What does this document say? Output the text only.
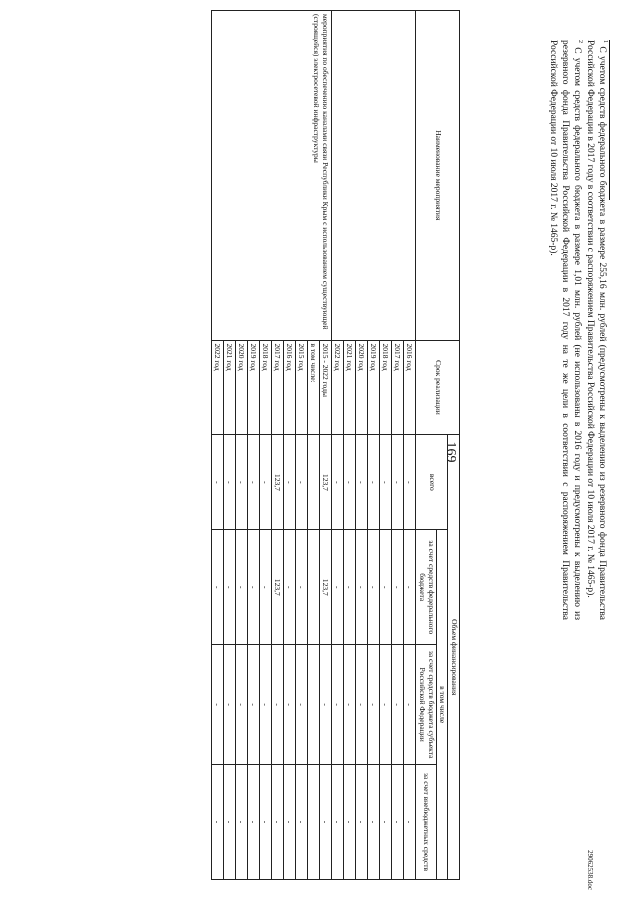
169
29062538.doc
Наименование мероприятия	Срок реализации	Объем финансирования			
		всего	в том числе		
			за счет средств федерального бюджета	за счет средств бюджета субъекта Российской Федерации	за счет внебюджетных средств
	2016 год	-	-	-	-
	2017 год	-	-	-	-
	2018 год	-	-	-	-
	2019 год	-	-	-	-
	2020 год	-	-	-	-
	2021 год	-	-	-	-
	2022 год	-	-	-	-
мероприятия по обеспечению каналами связи Республики Крым с использованием существующей (строящейся) электросетевой инфраструктуры	2015 - 2022 годы	123,7	123,7	-	-
	в том числе:				
	2015 год	-	-	-	-
	2016 год	-	-	-	-
	2017 год	123,7	123,7	-	-
	2018 год	-	-	-	-
	2019 год	-	-	-	-
	2020 год	-	-	-	-
	2021 год	-	-	-	-
	2022 год	-	-	-	-
$^1$ С учетом средств федерального бюджета в размере 255,16 млн. рублей (предусмотрены к выделению из резервного фонда Правительства Российской Федерации в 2017 году в соответствии с распоряжением Правительства Российской Федерации от 10 июля 2017 г. № 1465-р).
$^2$ С учетом средств федерального бюджета в размере 1,01 млн. рублей (не использованы в 2016 году и предусмотрены к выделению из резервного фонда Правительства Российской Федерации в 2017 году на те же цели в соответствии с распоряжением Правительства Российской Федерации от 10 июля 2017 г. № 1465-р).
